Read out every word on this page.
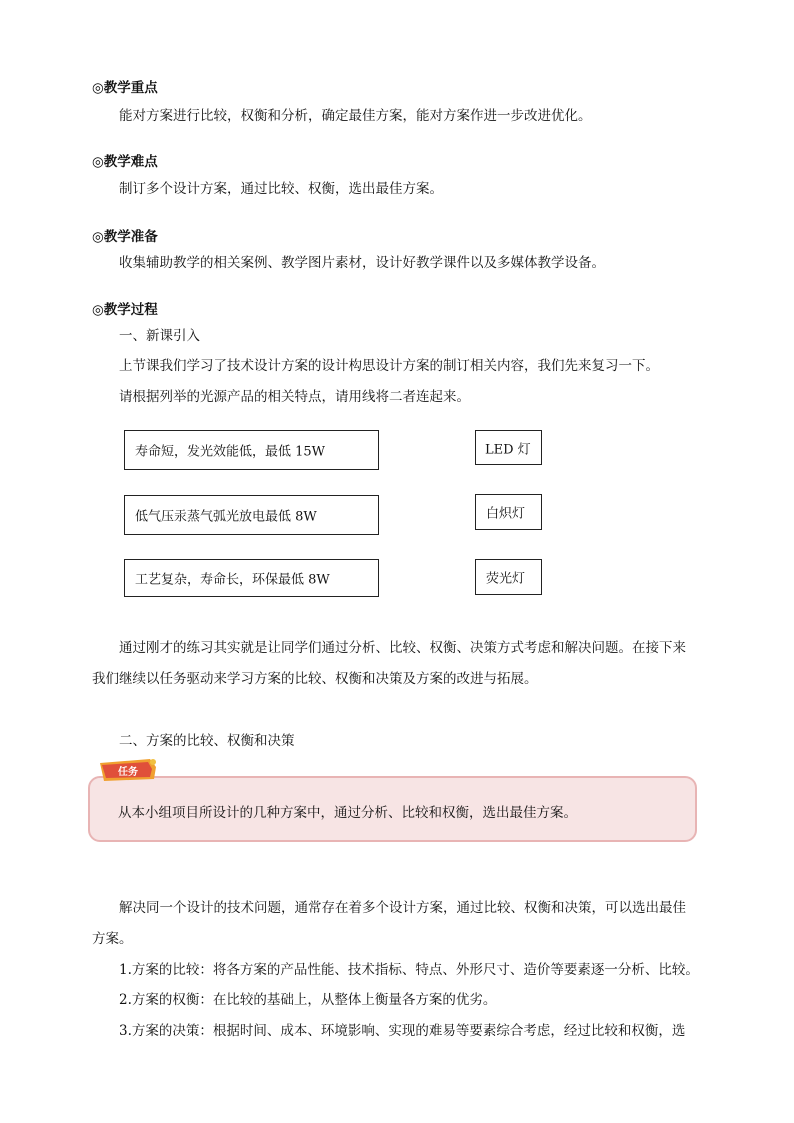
◎教学重点
能对方案进行比较，权衡和分析，确定最佳方案，能对方案作进一步改进优化。
◎教学难点
制订多个设计方案，通过比较、权衡，选出最佳方案。
◎教学准备
收集辅助教学的相关案例、教学图片素材，设计好教学课件以及多媒体教学设备。
◎教学过程
一、新课引入
上节课我们学习了技术设计方案的设计构思设计方案的制订相关内容，我们先来复习一下。
请根据列举的光源产品的相关特点，请用线将二者连起来。
寿命短，发光效能低，最低 15W
低气压汞蒸气弧光放电最低 8W
工艺复杂，寿命长，环保最低 8W
LED 灯
白炽灯
荧光灯
通过刚才的练习其实就是让同学们通过分析、比较、权衡、决策方式考虑和解决问题。在接下来
我们继续以任务驱动来学习方案的比较、权衡和决策及方案的改进与拓展。
二、方案的比较、权衡和决策
从本小组项目所设计的几种方案中，通过分析、比较和权衡，选出最佳方案。
任务
解决同一个设计的技术问题，通常存在着多个设计方案，通过比较、权衡和决策，可以选出最佳
方案。
1.方案的比较：将各方案的产品性能、技术指标、特点、外形尺寸、造价等要素逐一分析、比较。
2.方案的权衡：在比较的基础上，从整体上衡量各方案的优劣。
3.方案的决策：根据时间、成本、环境影响、实现的难易等要素综合考虑，经过比较和权衡，选
